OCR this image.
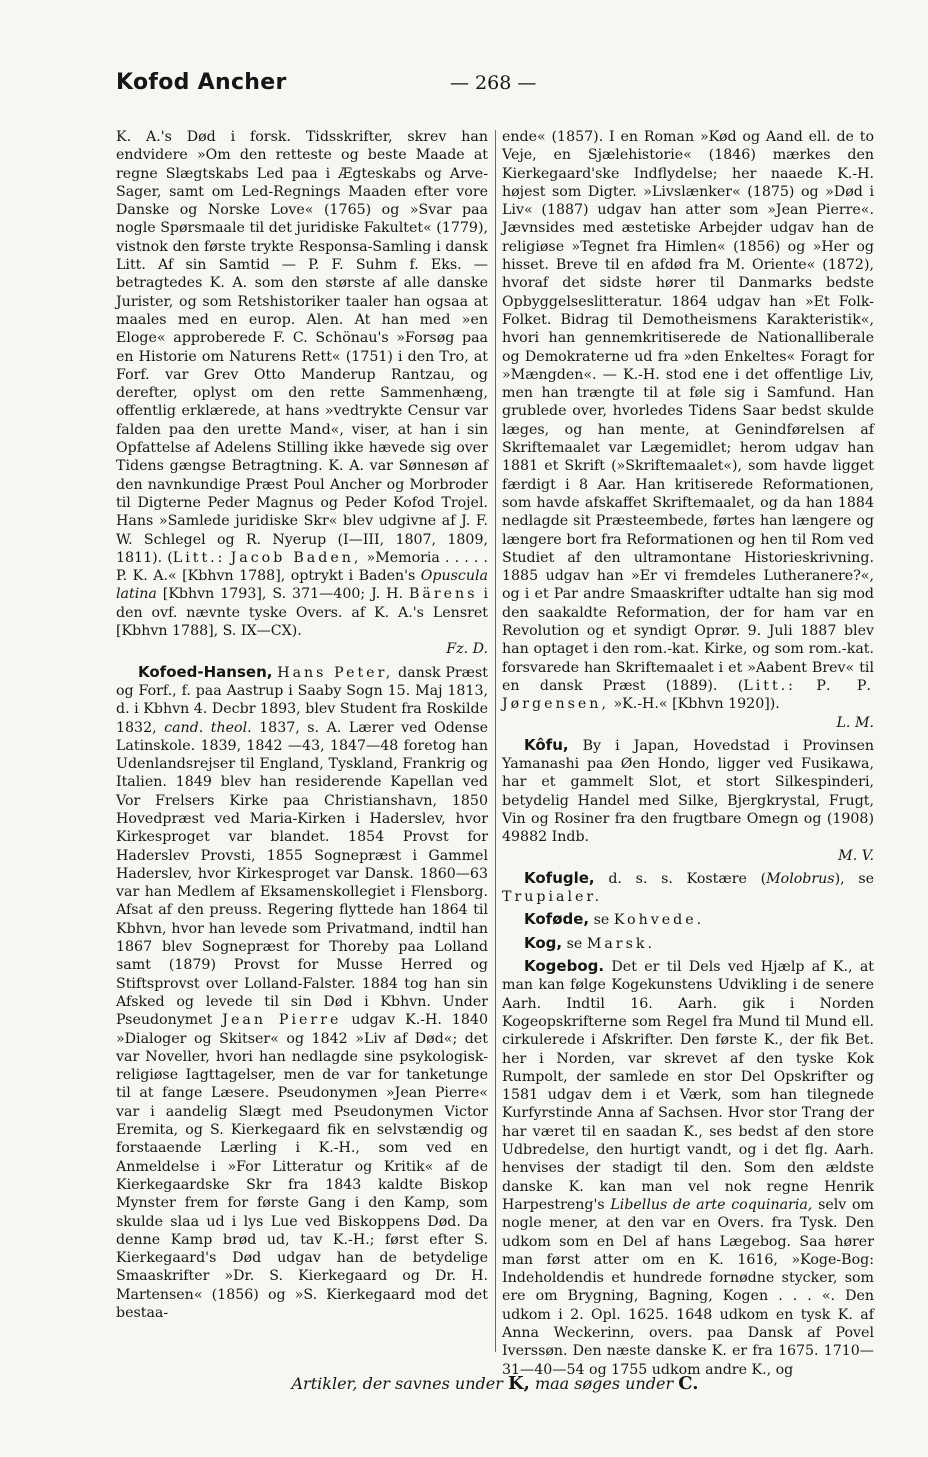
Kofod Ancher	— 268 —

K. A.'s Død i forsk. Tidsskrifter, skrev han endvidere »Om den retteste og beste Maade at regne Slægtskabs Led paa i Ægteskabs og Arve-Sager, samt om Led-Regnings Maaden efter vore Danske og Norske Love« (1765) og »Svar paa nogle Spørsmaale til det juridiske Fakultet« (1779), vistnok den første trykte Responsa-Samling i dansk Litt. Af sin Samtid — P. F. Suhm f. Eks. — betragtedes K. A. som den største af alle danske Jurister, og som Retshistoriker taaler han ogsaa at maales med en europ. Alen. At han med »en Eloge« approberede F. C. Schönau's »Forsøg paa en Historie om Naturens Rett« (1751) i den Tro, at Forf. var Grev Otto Manderup Rantzau, og derefter, oplyst om den rette Sammenhæng, offentlig erklærede, at hans »vedtrykte Censur var falden paa den urette Mand«, viser, at han i sin Opfattelse af Adelens Stilling ikke hævede sig over Tidens gængse Betragtning. K. A. var Sønnesøn af den navnkundige Præst Poul Ancher og Morbroder til Digterne Peder Magnus og Peder Kofod Trojel. Hans »Samlede juridiske Skr« blev udgivne af J. F. W. Schlegel og R. Nyerup (I—III, 1807, 1809, 1811). (Litt.: Jacob Baden, »Memoria . . . . . P. K. A.« [Kbhvn 1788], optrykt i Baden's Opuscula latina [Kbhvn 1793], S. 371—400; J. H. Bärens i den ovf. nævnte tyske Overs. af K. A.'s Lensret [Kbhvn 1788], S. IX—CX).

Fz. D.

Kofoed-Hansen, Hans Peter, dansk Præst og Forf., f. paa Aastrup i Saaby Sogn 15. Maj 1813, d. i Kbhvn 4. Decbr 1893, blev Student fra Roskilde 1832, cand. theol. 1837, s. A. Lærer ved Odense Latinskole. 1839, 1842 —43, 1847—48 foretog han Udenlandsrejser til England, Tyskland, Frankrig og Italien. 1849 blev han residerende Kapellan ved Vor Frelsers Kirke paa Christianshavn, 1850 Hovedpræst ved Maria-Kirken i Haderslev, hvor Kirkesproget var blandet. 1854 Provst for Haderslev Provsti, 1855 Sognepræst i Gammel Haderslev, hvor Kirkesproget var Dansk. 1860—63 var han Medlem af Eksamenskollegiet i Flensborg. Afsat af den preuss. Regering flyttede han 1864 til Kbhvn, hvor han levede som Privatmand, indtil han 1867 blev Sognepræst for Thoreby paa Lolland samt (1879) Provst for Musse Herred og Stiftsprovst over Lolland-Falster. 1884 tog han sin Afsked og levede til sin Død i Kbhvn. Under Pseudonymet Jean Pierre udgav K.-H. 1840 »Dialoger og Skitser« og 1842 »Liv af Død«; det var Noveller, hvori han nedlagde sine psykologisk-religiøse Iagttagelser, men de var for tanketunge til at fange Læsere. Pseudonymen »Jean Pierre« var i aandelig Slægt med Pseudonymen Victor Eremita, og S. Kierkegaard fik en selvstændig og forstaaende Lærling i K.-H., som ved en Anmeldelse i »For Litteratur og Kritik« af de Kierkegaardske Skr fra 1843 kaldte Biskop Mynster frem for første Gang i den Kamp, som skulde slaa ud i lys Lue ved Biskoppens Død. Da denne Kamp brød ud, tav K.-H.; først efter S. Kierkegaard's Død udgav han de betydelige Smaaskrifter »Dr. S. Kierkegaard og Dr. H. Martensen« (1856) og »S. Kierkegaard mod det bestaa-

ende« (1857). I en Roman »Kød og Aand ell. de to Veje, en Sjælehistorie« (1846) mærkes den Kierkegaard'ske Indflydelse; her naaede K.-H. højest som Digter. »Livslænker« (1875) og »Død i Liv« (1887) udgav han atter som »Jean Pierre«. Jævnsides med æstetiske Arbejder udgav han de religiøse »Tegnet fra Himlen« (1856) og »Her og hisset. Breve til en afdød fra M. Oriente« (1872), hvoraf det sidste hører til Danmarks bedste Opbyggelseslitteratur. 1864 udgav han »Et Folk-Folket. Bidrag til Demotheismens Karakteristik«, hvori han gennemkritiserede de Nationalliberale og Demokraterne ud fra »den Enkeltes« Foragt for »Mængden«. — K.-H. stod ene i det offentlige Liv, men han trængte til at føle sig i Samfund. Han grublede over, hvorledes Tidens Saar bedst skulde læges, og han mente, at Genindførelsen af Skriftemaalet var Lægemidlet; herom udgav han 1881 et Skrift (»Skriftemaalet«), som havde ligget færdigt i 8 Aar. Han kritiserede Reformationen, som havde afskaffet Skriftemaalet, og da han 1884 nedlagde sit Præsteembede, førtes han længere og længere bort fra Reformationen og hen til Rom ved Studiet af den ultramontane Historieskrivning. 1885 udgav han »Er vi fremdeles Lutheranere?«, og i et Par andre Smaaskrifter udtalte han sig mod den saakaldte Reformation, der for ham var en Revolution og et syndigt Oprør. 9. Juli 1887 blev han optaget i den rom.-kat. Kirke, og som rom.-kat. forsvarede han Skriftemaalet i et »Aabent Brev« til en dansk Præst (1889). (Litt.: P. P. Jørgensen, »K.-H.« [Kbhvn 1920]).

L. M.

Kôfu, By i Japan, Hovedstad i Provinsen Yamanashi paa Øen Hondo, ligger ved Fusikawa, har et gammelt Slot, et stort Silkespinderi, betydelig Handel med Silke, Bjergkrystal, Frugt, Vin og Rosiner fra den frugtbare Omegn og (1908) 49882 Indb.

M. V.

Kofugle, d. s. s. Kostære (Molobrus), se Trupialer.

Koføde, se Kohvede.

Kog, se Marsk.

Kogebog. Det er til Dels ved Hjælp af K., at man kan følge Kogekunstens Udvikling i de senere Aarh. Indtil 16. Aarh. gik i Norden Kogeopskrifterne som Regel fra Mund til Mund ell. cirkulerede i Afskrifter. Den første K., der fik Bet. her i Norden, var skrevet af den tyske Kok Rumpolt, der samlede en stor Del Opskrifter og 1581 udgav dem i et Værk, som han tilegnede Kurfyrstinde Anna af Sachsen. Hvor stor Trang der har været til en saadan K., ses bedst af den store Udbredelse, den hurtigt vandt, og i det flg. Aarh. henvises der stadigt til den. Som den ældste danske K. kan man vel nok regne Henrik Harpestreng's Libellus de arte coquinaria, selv om nogle mener, at den var en Overs. fra Tysk. Den udkom som en Del af hans Lægebog. Saa hører man først atter om en K. 1616, »Koge-Bog: Indeholdendis et hundrede fornødne stycker, som ere om Brygning, Bagning, Kogen . . . «. Den udkom i 2. Opl. 1625. 1648 udkom en tysk K. af Anna Weckerinn, overs. paa Dansk af Povel Iverssøn. Den næste danske K. er fra 1675. 1710—31—40—54 og 1755 udkom andre K., og

Artikler, der savnes under K, maa søges under C.
